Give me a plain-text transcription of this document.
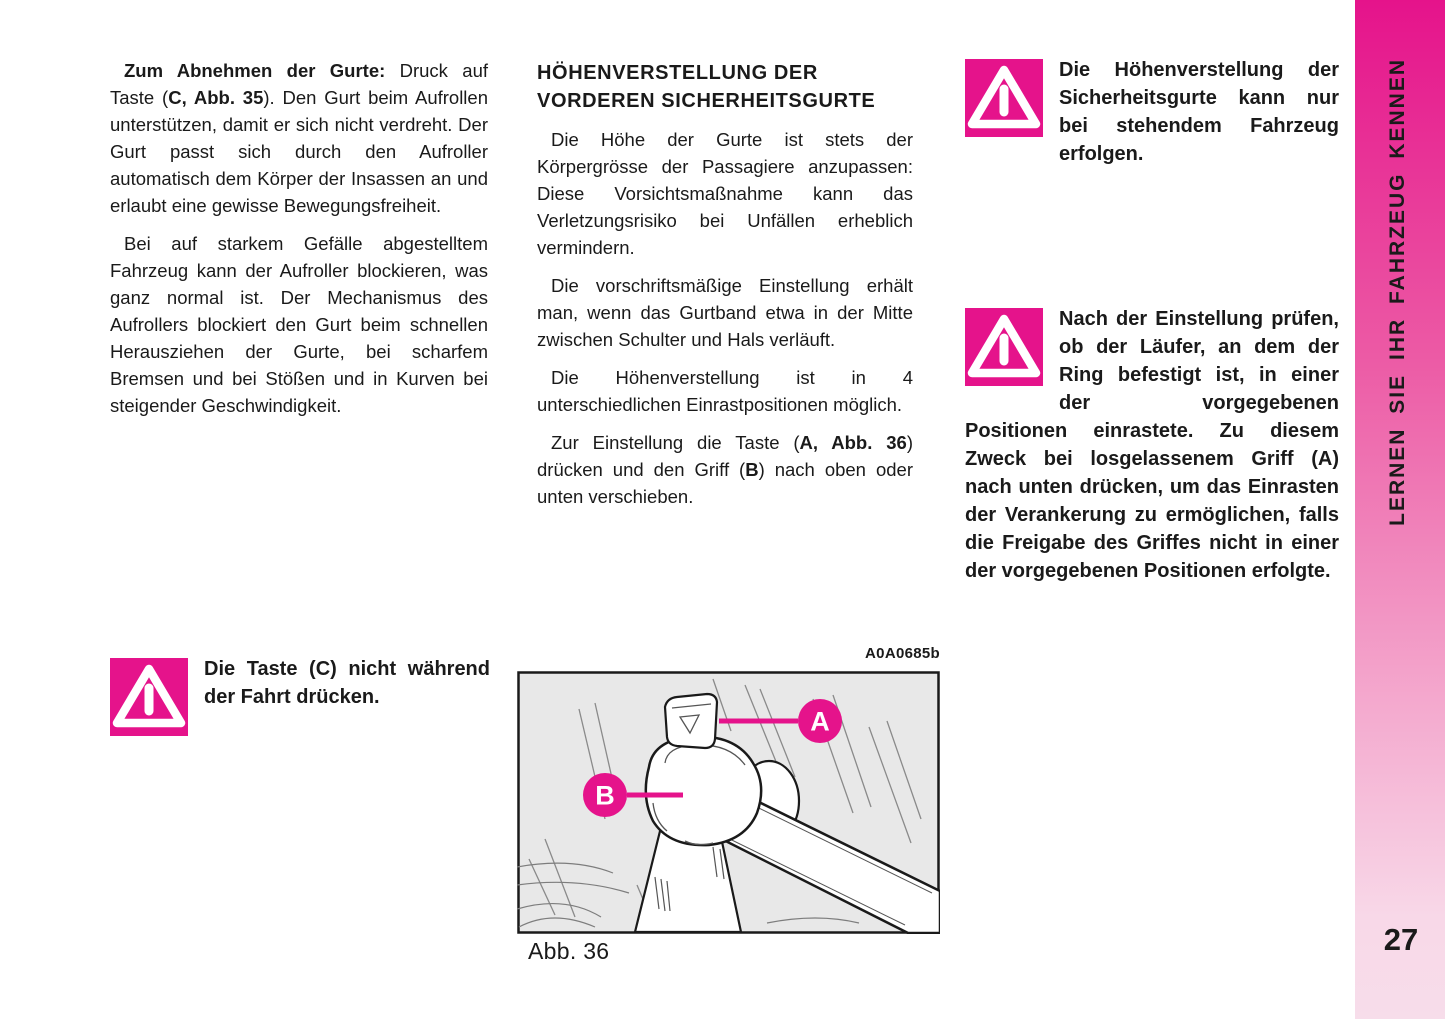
Zum Abnehmen der Gurte: Druck auf Taste (C, Abb. 35). Den Gurt beim Aufrollen unterstützen, damit er sich nicht verdreht. Der Gurt passt sich durch den Aufroller automatisch dem Körper der Insassen an und erlaubt eine gewisse Bewegungsfreiheit.

Bei auf starkem Gefälle abgestelltem Fahrzeug kann der Aufroller blockieren, was ganz normal ist. Der Mechanismus des Aufrollers blockiert den Gurt beim schnellen Herausziehen der Gurte, bei scharfem Bremsen und bei Stößen und in Kurven bei steigender Geschwindigkeit.

Die Taste (C) nicht während der Fahrt drücken.

HÖHENVERSTELLUNG DER VORDEREN SICHERHEITSGURTE

Die Höhe der Gurte ist stets der Körpergrösse der Passagiere anzupassen: Diese Vorsichtsmaßnahme kann das Verletzungsrisiko bei Unfällen erheblich vermindern.

Die vorschriftsmäßige Einstellung erhält man, wenn das Gurtband etwa in der Mitte zwischen Schulter und Hals verläuft.

Die Höhenverstellung ist in 4 unterschiedlichen Einrastpositionen möglich.

Zur Einstellung die Taste (A, Abb. 36) drücken und den Griff (B) nach oben oder unten verschieben.

A0A0685b
A
B
Abb. 36
Die Höhenverstellung der Sicherheitsgurte kann nur bei stehendem Fahrzeug erfolgen.
Nach der Einstellung prüfen, ob der Läufer, an dem der Ring befestigt ist, in einer der vorgegebenen Positionen einrastete. Zu diesem Zweck bei losgelassenem Griff (A) nach unten drücken, um das Einrasten der Verankerung zu ermöglichen, falls die Freigabe des Griffes nicht in einer der vorgegebenen Positionen erfolgte.
LERNEN SIE IHR FAHRZEUG KENNEN
27
